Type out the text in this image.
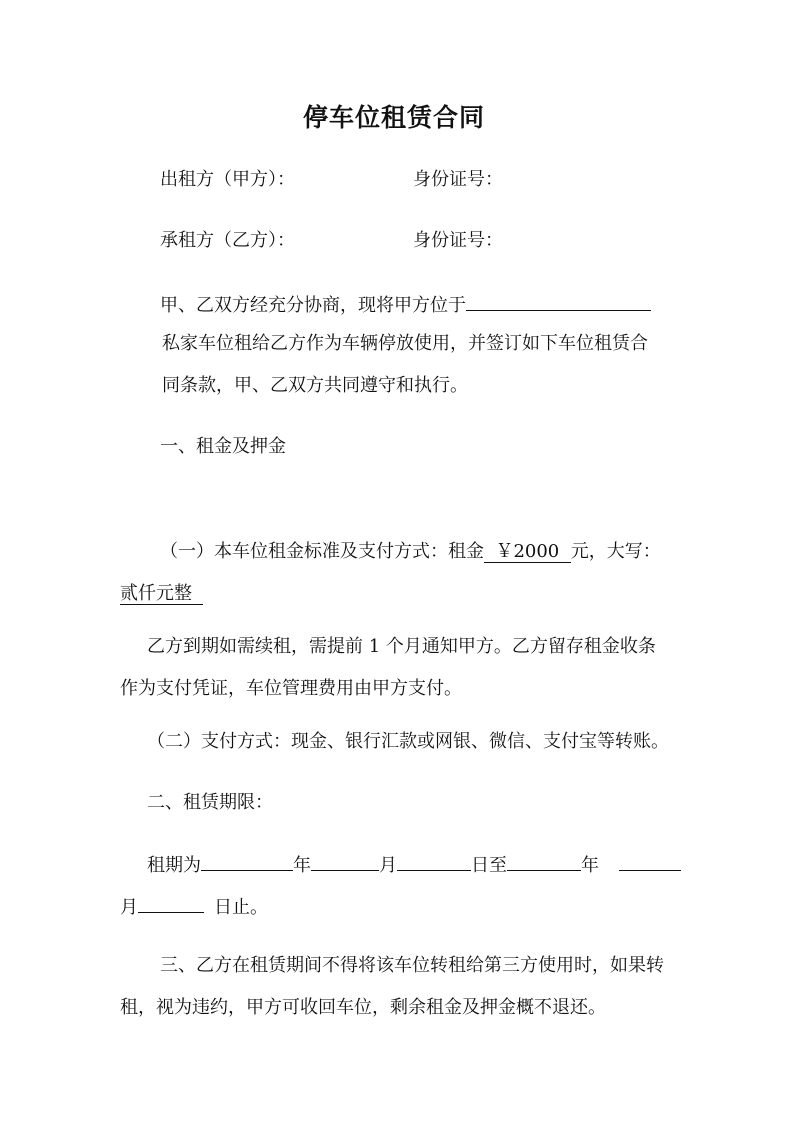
停车位租赁合同
出租方（甲方）：	身份证号：
承租方（乙方）：	身份证号：
甲、乙双方经充分协商，现将甲方位于
私家车位租给乙方作为车辆停放使用，并签订如下车位租赁合
同条款，甲、乙双方共同遵守和执行。
一、租金及押金
（一）本车位租金标准及支付方式：租金  ￥2000  元，大写：
贰仟元整
乙方到期如需续租，需提前 1 个月通知甲方。乙方留存租金收条
作为支付凭证，车位管理费用由甲方支付。
（二）支付方式：现金、银行汇款或网银、微信、支付宝等转账。
二、租赁期限：
租期为	年	月	日至	年
月	日止。
三、乙方在租赁期间不得将该车位转租给第三方使用时，如果转
租，视为违约，甲方可收回车位，剩余租金及押金概不退还。
